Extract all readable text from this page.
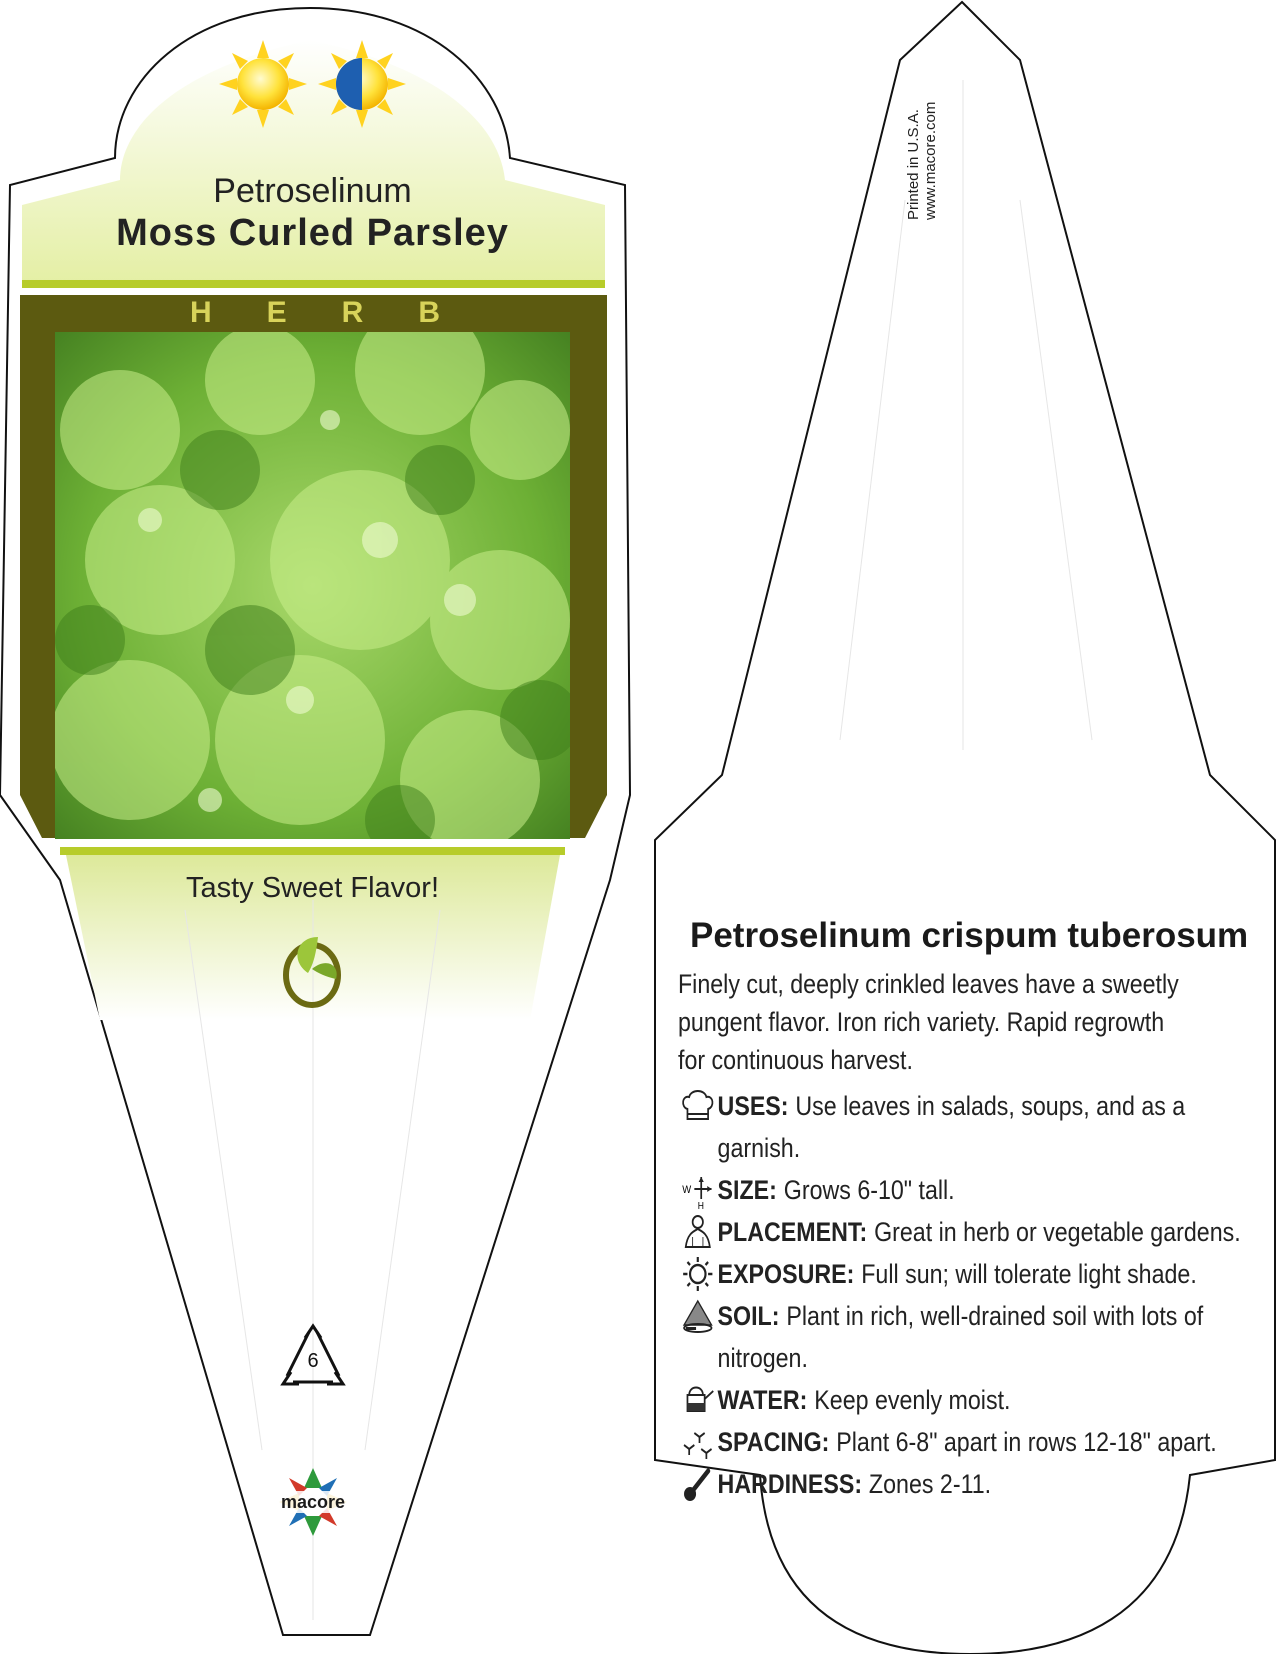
Petroselinum
Moss Curled Parsley
H E R B
Tasty Sweet Flavor!
6
macore
Printed in U.S.A. www.macore.com
Petroselinum crispum tuberosum
Finely cut, deeply crinkled leaves have a sweetly pungent flavor. Iron rich variety. Rapid regrowth for continuous harvest.
USES: Use leaves in salads, soups, and as a garnish.
W
H
SIZE: Grows 6-10" tall.
PLACEMENT: Great in herb or vegetable gardens.
EXPOSURE: Full sun; will tolerate light shade.
SOIL: Plant in rich, well-drained soil with lots of nitrogen.
WATER: Keep evenly moist.
SPACING: Plant 6-8" apart in rows 12-18" apart.
HARDINESS: Zones 2-11.
